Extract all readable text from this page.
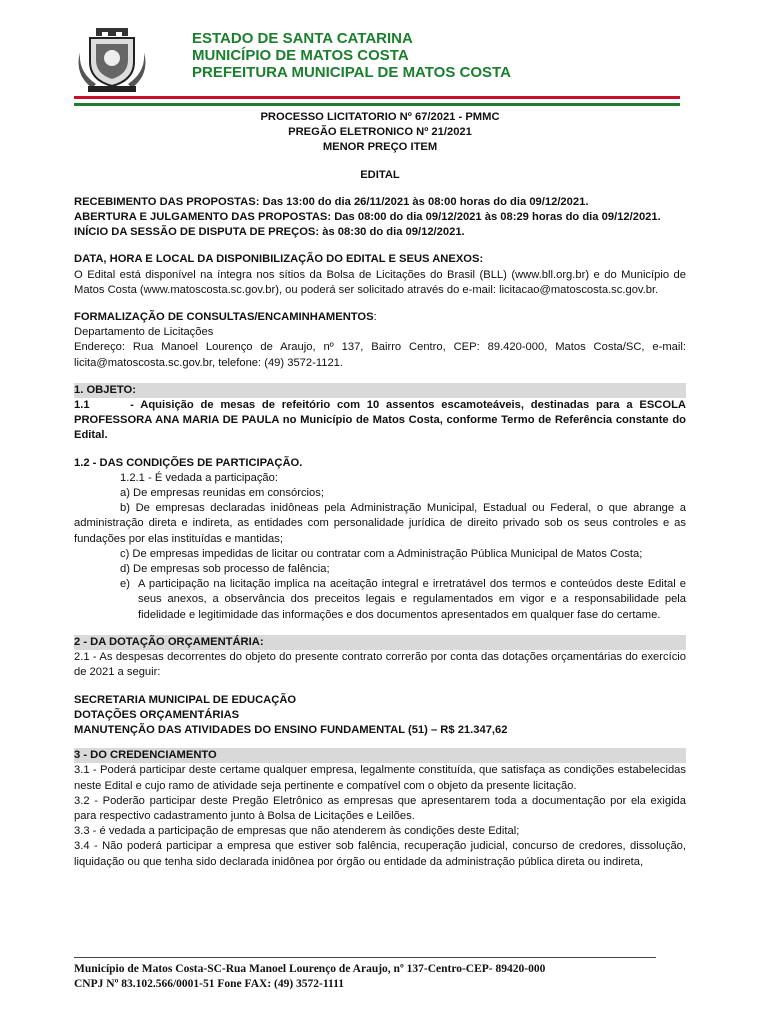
ESTADO DE SANTA CATARINA
MUNICÍPIO DE MATOS COSTA
PREFEITURA MUNICIPAL DE MATOS COSTA
PROCESSO LICITATORIO Nº 67/2021 - PMMC
PREGÃO ELETRONICO Nº 21/2021
MENOR PREÇO ITEM
EDITAL
RECEBIMENTO DAS PROPOSTAS: Das 13:00 do dia 26/11/2021 às 08:00 horas do dia 09/12/2021.
ABERTURA E JULGAMENTO DAS PROPOSTAS: Das 08:00 do dia 09/12/2021 às 08:29 horas do dia 09/12/2021.
INÍCIO DA SESSÃO DE DISPUTA DE PREÇOS: às 08:30 do dia 09/12/2021.
DATA, HORA E LOCAL DA DISPONIBILIZAÇÃO DO EDITAL E SEUS ANEXOS:
O Edital está disponível na íntegra nos sítios da Bolsa de Licitações do Brasil (BLL) (www.bll.org.br) e do Município de Matos Costa (www.matoscosta.sc.gov.br), ou poderá ser solicitado através do e-mail: licitacao@matoscosta.sc.gov.br.
FORMALIZAÇÃO DE CONSULTAS/ENCAMINHAMENTOS:
Departamento de Licitações
Endereço: Rua Manoel Lourenço de Araujo, nº 137, Bairro Centro, CEP: 89.420-000, Matos Costa/SC, e-mail: licita@matoscosta.sc.gov.br, telefone: (49) 3572-1121.
1. OBJETO:
1.1      - Aquisição de mesas de refeitório com 10 assentos escamoteáveis, destinadas para a ESCOLA PROFESSORA ANA MARIA DE PAULA no Município de Matos Costa, conforme Termo de Referência constante do Edital.
1.2 - DAS CONDIÇÕES DE PARTICIPAÇÃO.
1.2.1 - É vedada a participação:
a) De empresas reunidas em consórcios;
b) De empresas declaradas inidôneas pela Administração Municipal, Estadual ou Federal, o que abrange a administração direta e indireta, as entidades com personalidade jurídica de direito privado sob os seus controles e as fundações por elas instituídas e mantidas;
c) De empresas impedidas de licitar ou contratar com a Administração Pública Municipal de Matos Costa;
d) De empresas sob processo de falência;
e) A participação na licitação implica na aceitação integral e irretratável dos termos e conteúdos deste Edital e seus anexos, a observância dos preceitos legais e regulamentados em vigor e a responsabilidade pela fidelidade e legitimidade das informações e dos documentos apresentados em qualquer fase do certame.
2 - DA DOTAÇÃO ORÇAMENTÁRIA:
2.1 - As despesas decorrentes do objeto do presente contrato correrão por conta das dotações orçamentárias do exercício de 2021 a seguir:
SECRETARIA MUNICIPAL DE EDUCAÇÃO
DOTAÇÕES ORÇAMENTÁRIAS
MANUTENÇÃO DAS ATIVIDADES DO ENSINO FUNDAMENTAL (51) – R$ 21.347,62
3 - DO CREDENCIAMENTO
3.1 - Poderá participar deste certame qualquer empresa, legalmente constituída, que satisfaça as condições estabelecidas neste Edital e cujo ramo de atividade seja pertinente e compatível com o objeto da presente licitação.
3.2 - Poderão participar deste Pregão Eletrônico as empresas que apresentarem toda a documentação por ela exigida para respectivo cadastramento junto à Bolsa de Licitações e Leilões.
3.3 - é vedada a participação de empresas que não atenderem às condições deste Edital;
3.4 - Não poderá participar a empresa que estiver sob falência, recuperação judicial, concurso de credores, dissolução, liquidação ou que tenha sido declarada inidônea por órgão ou entidade da administração pública direta ou indireta,
Município de Matos Costa-SC-Rua Manoel Lourenço de Araujo, nº 137-Centro-CEP- 89420-000
CNPJ Nº 83.102.566/0001-51 Fone FAX: (49) 3572-1111
